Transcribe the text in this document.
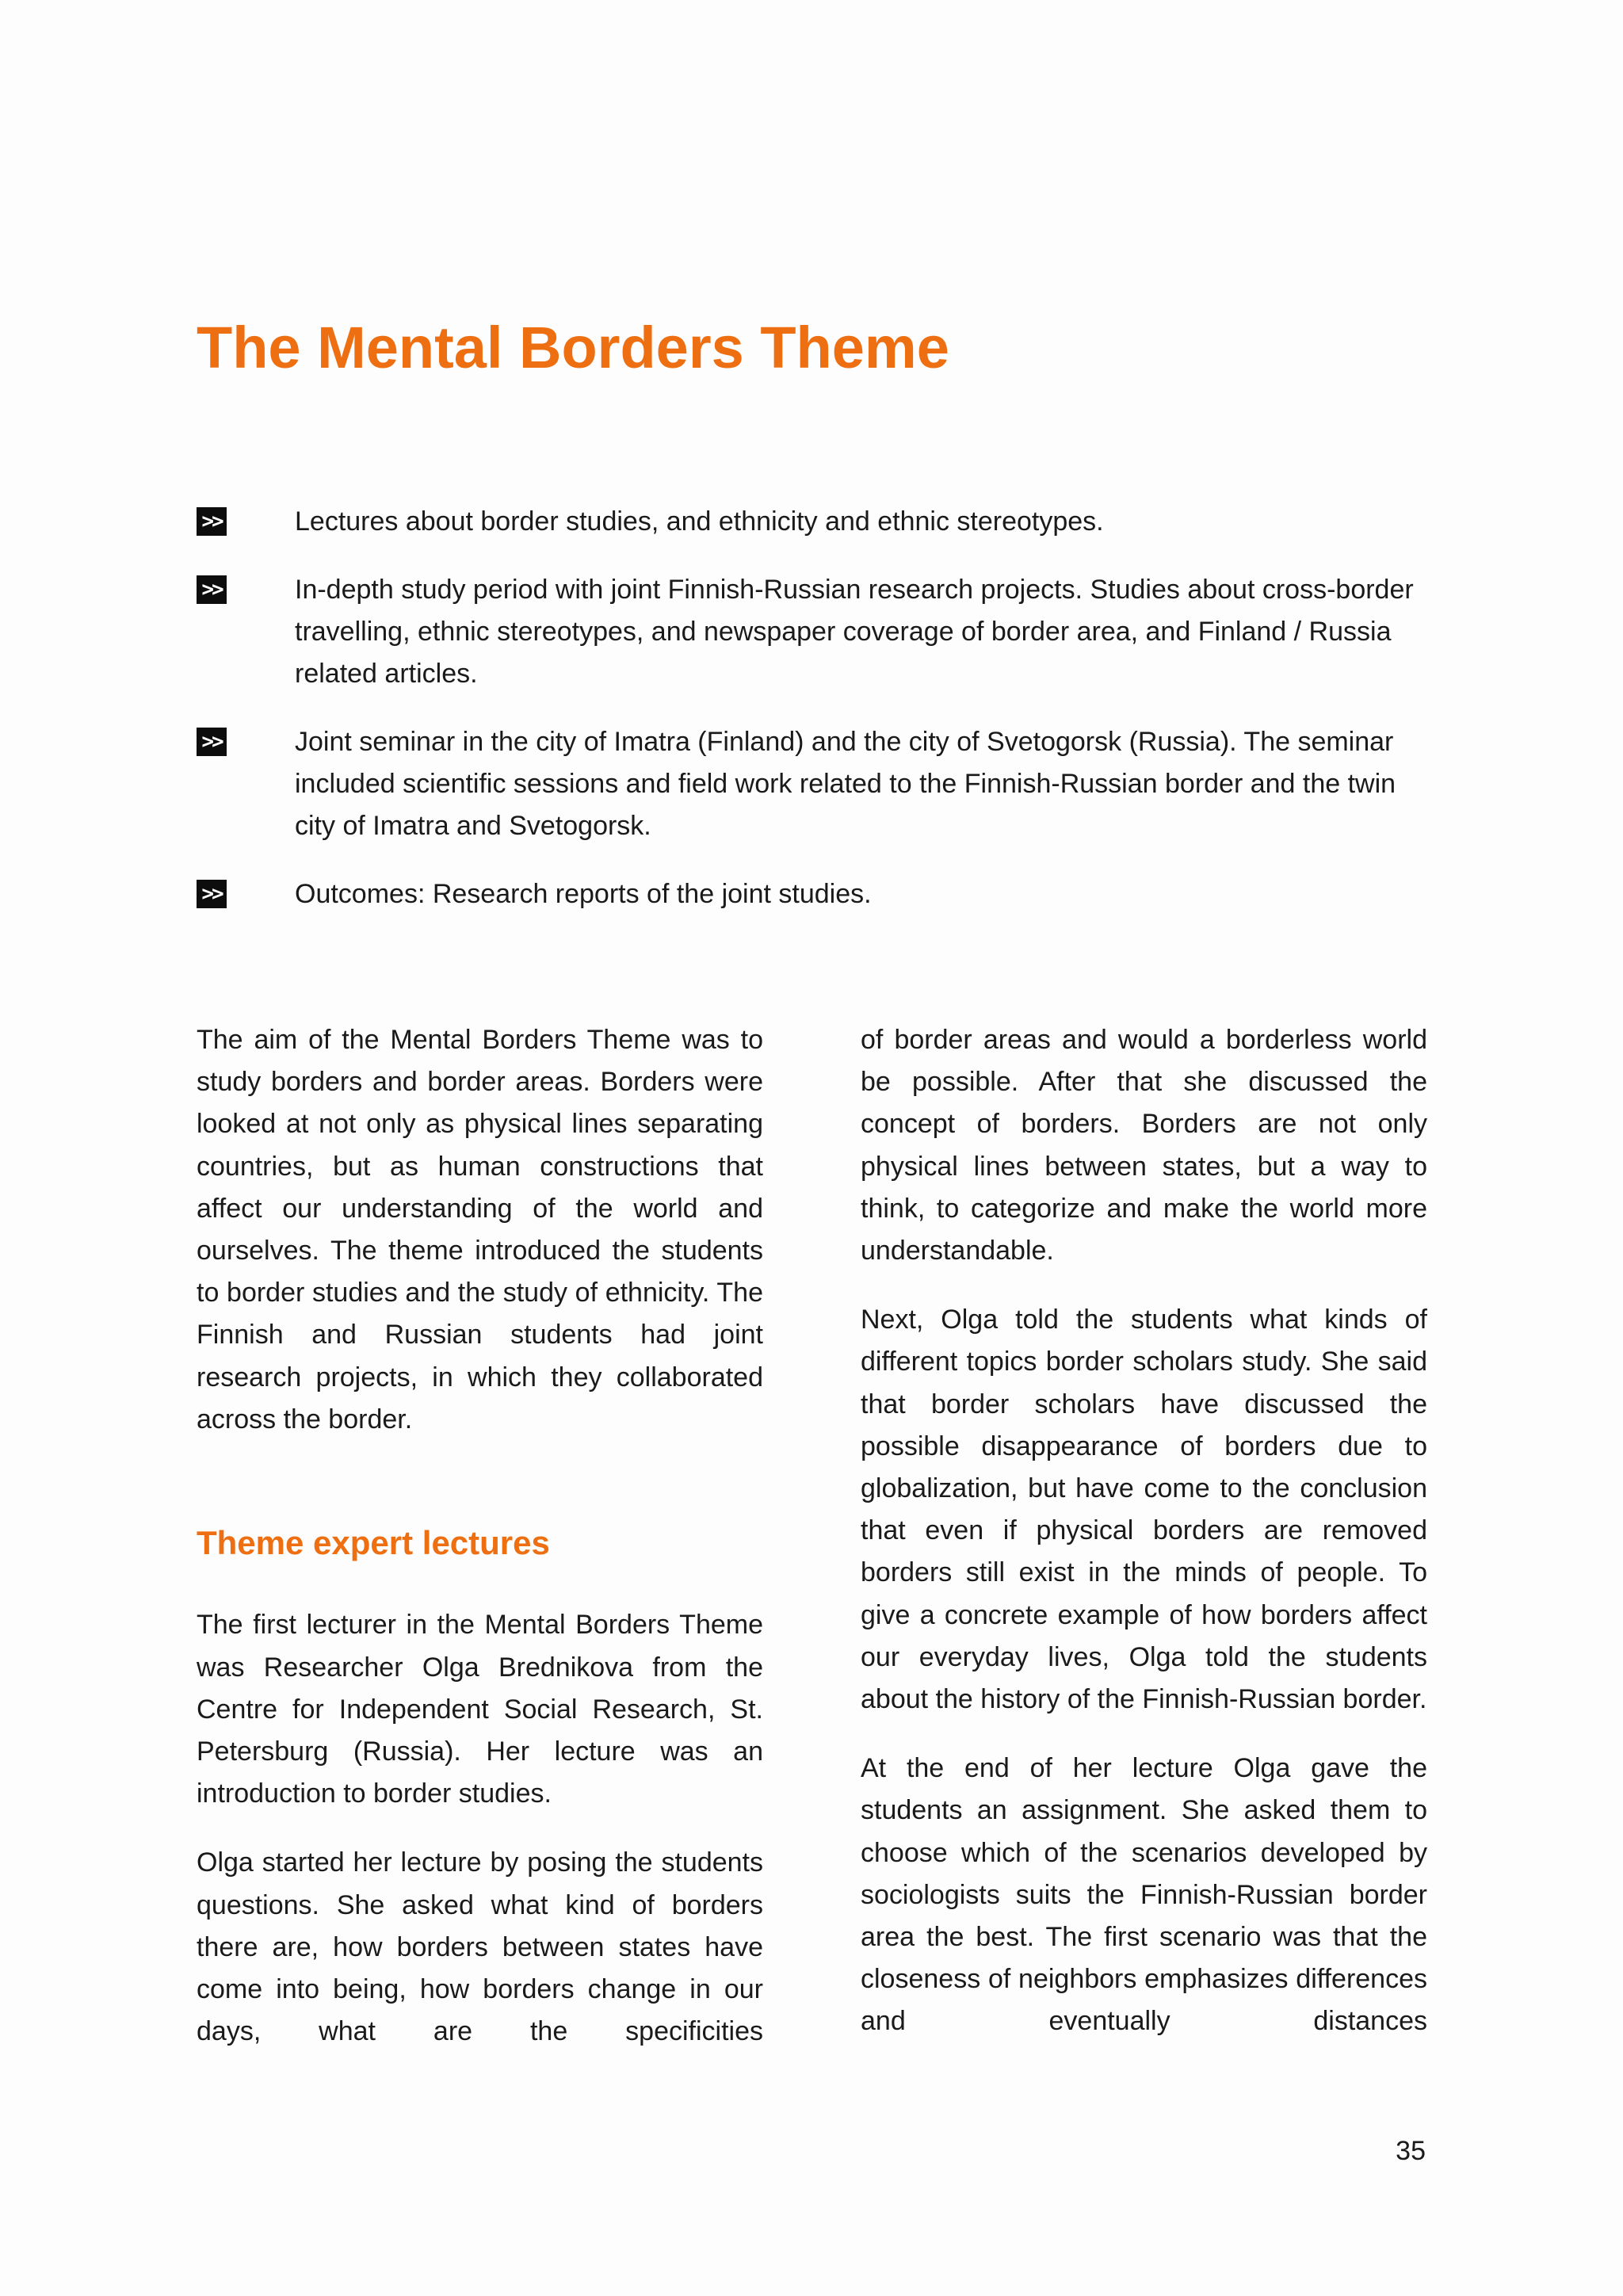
The Mental Borders Theme
>>	Lectures about border studies, and ethnicity and ethnic stereotypes.
>>	In-depth study period with joint Finnish-Russian research projects. Studies about cross-border travelling, ethnic stereotypes, and newspaper coverage of border area, and Finland / Russia related articles.
>>	Joint seminar in the city of Imatra (Finland) and the city of Svetogorsk (Russia). The seminar included scientific sessions and field work related to the Finnish-Russian border and the twin city of Imatra and Svetogorsk.
>>	Outcomes: Research reports of the joint studies.

The aim of the Mental Borders Theme was to study borders and border areas. Borders were looked at not only as physical lines separating countries, but as human constructions that affect our understanding of the world and ourselves. The theme introduced the students to border studies and the study of ethnicity. The Finnish and Russian students had joint research projects, in which they collaborated across the border.

Theme expert lectures

The first lecturer in the Mental Borders Theme was Researcher Olga Brednikova from the Centre for Independent Social Research, St. Petersburg (Russia). Her lecture was an introduction to border studies.

Olga started her lecture by posing the students questions. She asked what kind of borders there are, how borders between states have come into being, how borders change in our days, what are the specificities

of border areas and would a borderless world be possible. After that she discussed the concept of borders. Borders are not only physical lines between states, but a way to think, to categorize and make the world more understandable.

Next, Olga told the students what kinds of different topics border scholars study. She said that border scholars have discussed the possible disappearance of borders due to globalization, but have come to the conclusion that even if physical borders are removed borders still exist in the minds of people. To give a concrete example of how borders affect our everyday lives, Olga told the students about the history of the Finnish-Russian border.

At the end of her lecture Olga gave the students an assignment. She asked them to choose which of the scenarios developed by sociologists suits the Finnish-Russian border area the best. The first scenario was that the closeness of neighbors emphasizes differences and eventually distances

35
